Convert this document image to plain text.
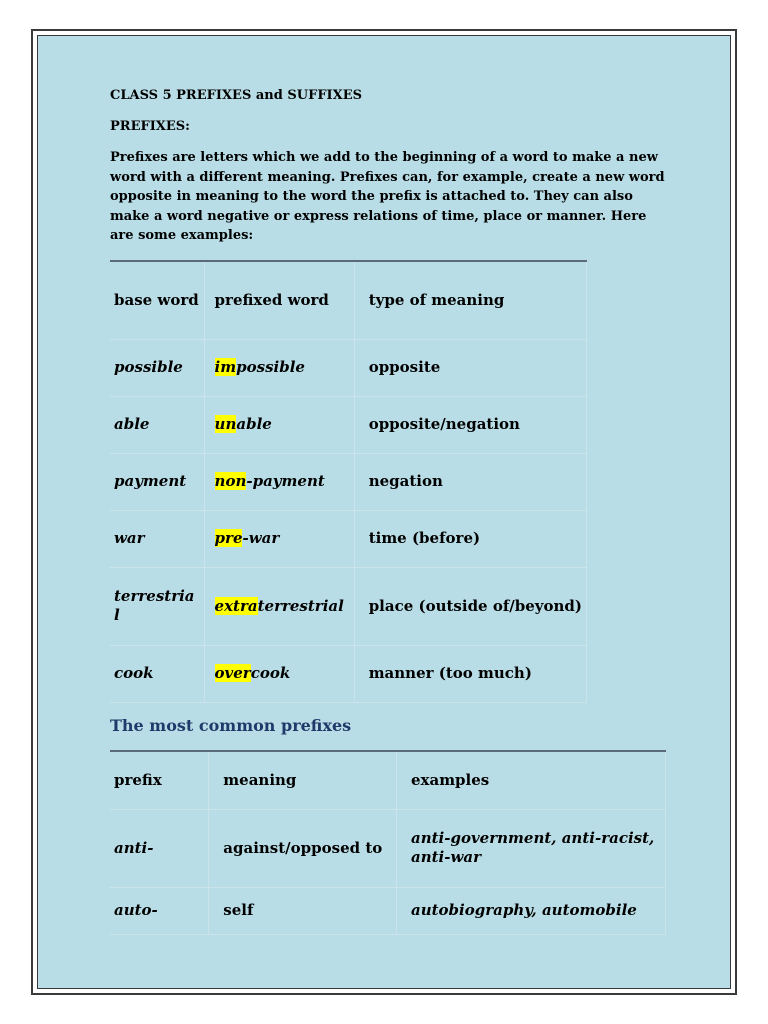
CLASS 5 PREFIXES and SUFFIXES

PREFIXES:

Prefixes are letters which we add to the beginning of a word to make a new word with a different meaning. Prefixes can, for example, create a new word opposite in meaning to the word the prefix is attached to. They can also make a word negative or express relations of time, place or manner. Here are some examples:

base word	prefixed word	type of meaning
possible	impossible	opposite
able	unable	opposite/negation
payment	non-payment	negation
war	pre-war	time (before)
terrestrial	extraterrestrial	place (outside of/beyond)
cook	overcook	manner (too much)
The most common prefixes
prefix	meaning	examples
anti-	against/opposed to	anti-government, anti-racist, anti-war
auto-	self	autobiography, automobile
